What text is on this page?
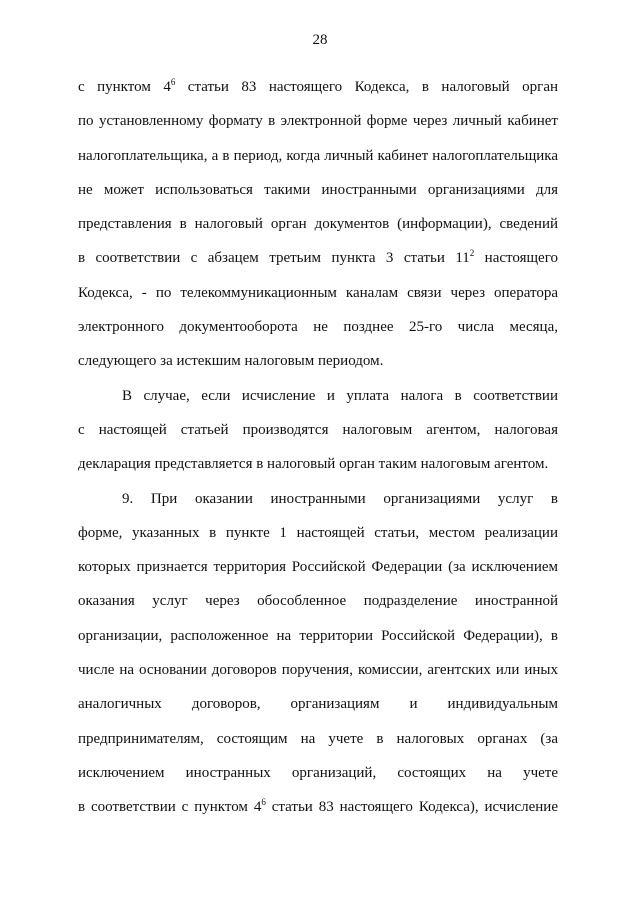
28

с пунктом $4^6$ статьи 83 настоящего Кодекса, в налоговый орган
по установленному формату в электронной форме через личный кабинет
налогоплательщика, а в период, когда личный кабинет налогоплательщика
не может использоваться такими иностранными организациями для
представления в налоговый орган документов (информации), сведений
в соответствии с абзацем третьим пункта 3 статьи $11^2$ настоящего
Кодекса, - по телекоммуникационным каналам связи через оператора
электронного документооборота не позднее 25-го числа месяца,
следующего за истекшим налоговым периодом.

В случае, если исчисление и уплата налога в соответствии
с настоящей статьей производятся налоговым агентом, налоговая
декларация представляется в налоговый орган таким налоговым агентом.

9. При оказании иностранными организациями услуг в
форме, указанных в пункте 1 настоящей статьи, местом реализации
которых признается территория Российской Федерации (за исключением
оказания услуг через обособленное подразделение иностранной
организации, расположенное на территории Российской Федерации), в
числе на основании договоров поручения, комиссии, агентских или иных
аналогичных договоров, организациям и индивидуальным
предпринимателям, состоящим на учете в налоговых органах (за
исключением иностранных организаций, состоящих на учете
в соответствии с пунктом $4^6$ статьи 83 настоящего Кодекса), исчисление
